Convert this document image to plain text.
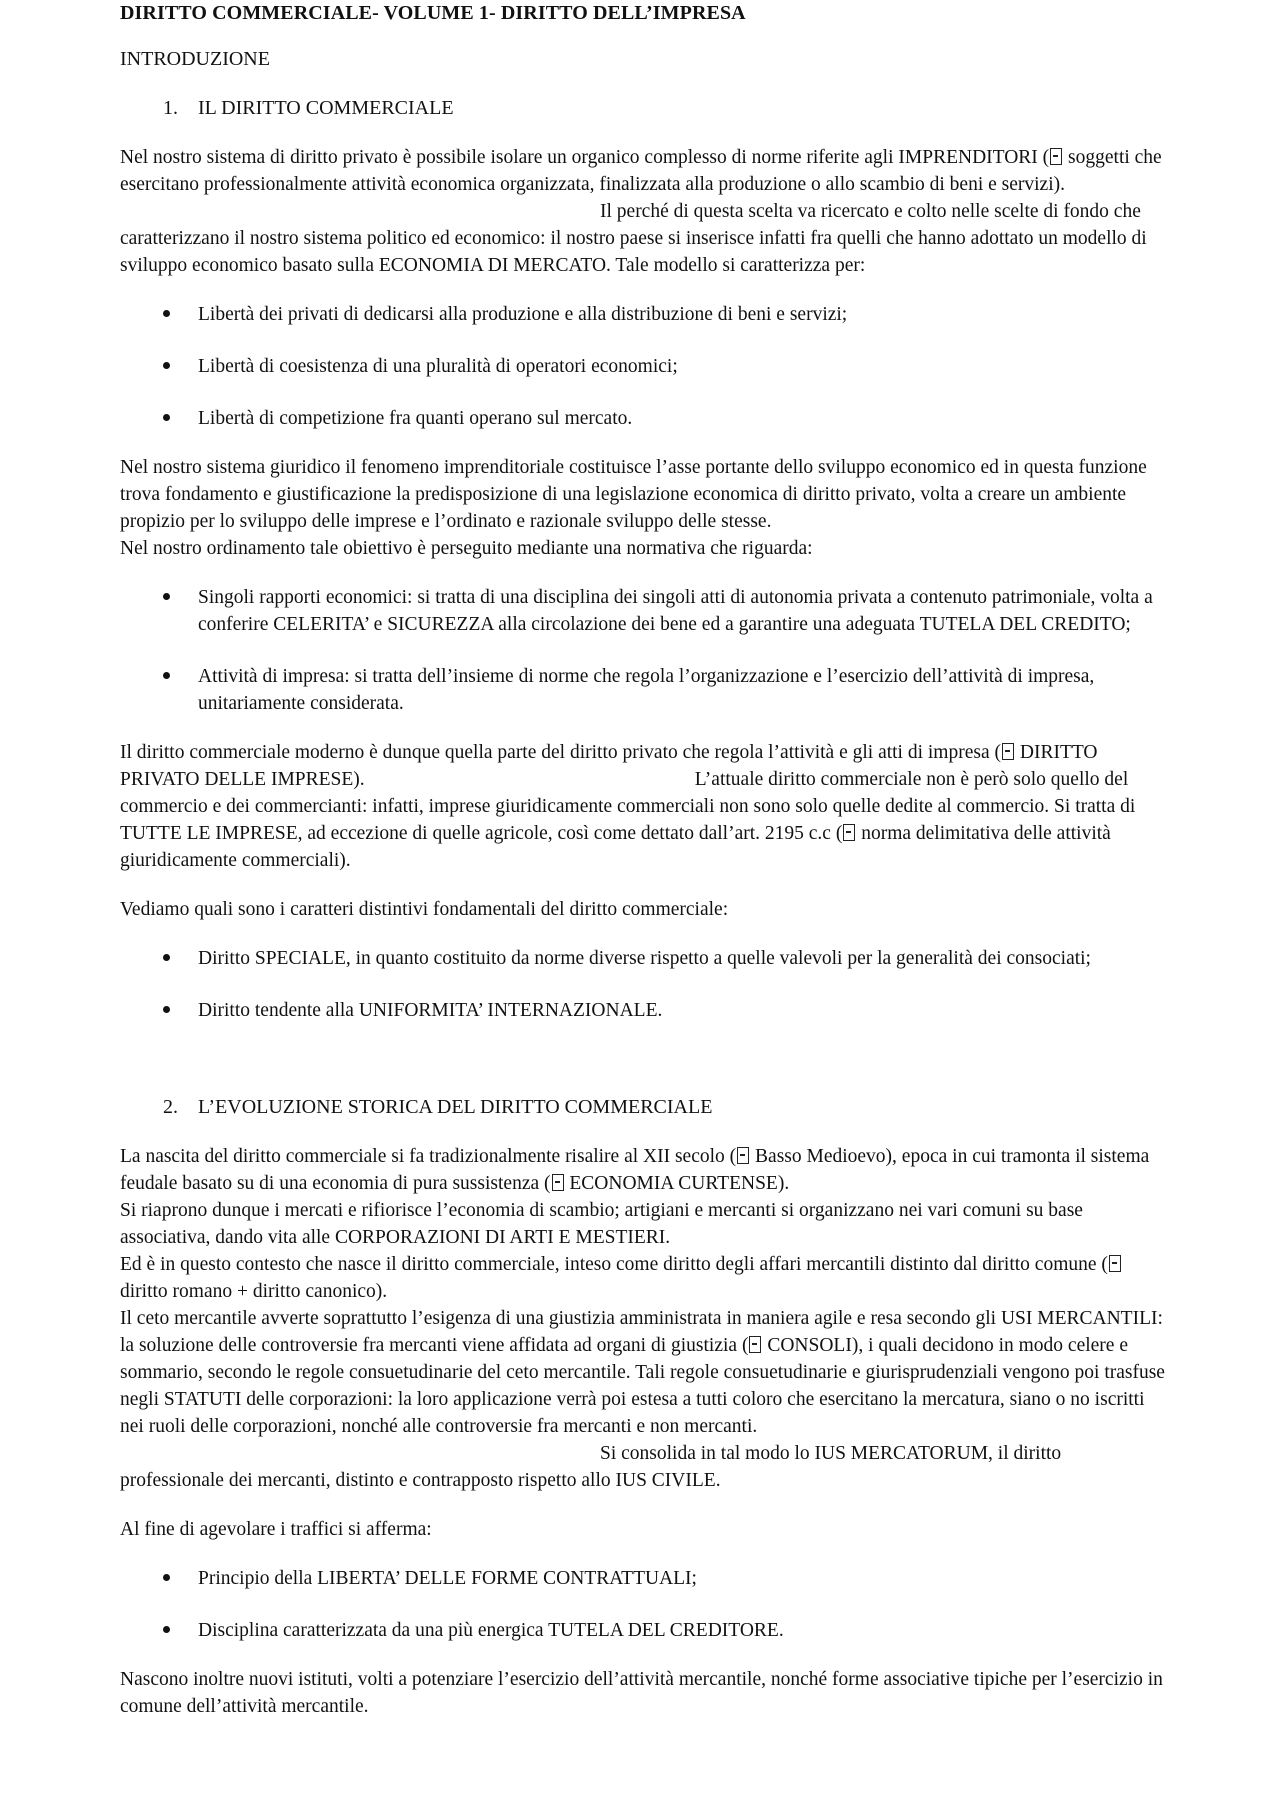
DIRITTO COMMERCIALE- VOLUME 1- DIRITTO DELL’IMPRESA
INTRODUZIONE
1.	IL DIRITTO COMMERCIALE

Nel nostro sistema di diritto privato è possibile isolare un organico complesso di norme riferite agli IMPRENDITORI ( soggetti che esercitano professionalmente attività economica organizzata, finalizzata alla produzione o allo scambio di beni e servizi).Il perché di questa scelta va ricercato e colto nelle scelte di fondo che caratterizzano il nostro sistema politico ed economico: il nostro paese si inserisce infatti fra quelli che hanno adottato un modello di sviluppo economico basato sulla ECONOMIA DI MERCATO. Tale modello si caratterizza per:

Libertà dei privati di dedicarsi alla produzione e alla distribuzione di beni e servizi;
Libertà di coesistenza di una pluralità di operatori economici;
Libertà di competizione fra quanti operano sul mercato.

Nel nostro sistema giuridico il fenomeno imprenditoriale costituisce l’asse portante dello sviluppo economico ed in questa funzione trova fondamento e giustificazione la predisposizione di una legislazione economica di diritto privato, volta a creare un ambiente propizio per lo sviluppo delle imprese e l’ordinato e razionale sviluppo delle stesse.

Nel nostro ordinamento tale obiettivo è perseguito mediante una normativa che riguarda:

Singoli rapporti economici: si tratta di una disciplina dei singoli atti di autonomia privata a contenuto patrimoniale, volta a conferire CELERITA’ e SICUREZZA alla circolazione dei bene ed a garantire una adeguata TUTELA DEL CREDITO;
Attività di impresa: si tratta dell’insieme di norme che regola l’organizzazione e l’esercizio dell’attività di impresa, unitariamente considerata.

Il diritto commerciale moderno è dunque quella parte del diritto privato che regola l’attività e gli atti di impresa ( DIRITTO PRIVATO DELLE IMPRESE).	L’attuale diritto commerciale non è però solo quello del commercio e dei commercianti: infatti, imprese giuridicamente commerciali non sono solo quelle dedite al commercio. Si tratta di TUTTE LE IMPRESE, ad eccezione di quelle agricole, così come dettato dall’art. 2195 c.c ( norma delimitativa delle attività giuridicamente commerciali).

Vediamo quali sono i caratteri distintivi fondamentali del diritto commerciale:

Diritto SPECIALE, in quanto costituito da norme diverse rispetto a quelle valevoli per la generalità dei consociati;
Diritto tendente alla UNIFORMITA’ INTERNAZIONALE.
2.	L’EVOLUZIONE STORICA DEL DIRITTO COMMERCIALE

La nascita del diritto commerciale si fa tradizionalmente risalire al XII secolo ( Basso Medioevo), epoca in cui tramonta il sistema feudale basato su di una economia di pura sussistenza ( ECONOMIA CURTENSE).

Si riaprono dunque i mercati e rifiorisce l’economia di scambio; artigiani e mercanti si organizzano nei vari comuni su base associativa, dando vita alle CORPORAZIONI DI ARTI E MESTIERI.

Ed è in questo contesto che nasce il diritto commerciale, inteso come diritto degli affari mercantili distinto dal diritto comune ( diritto romano + diritto canonico).

Il ceto mercantile avverte soprattutto l’esigenza di una giustizia amministrata in maniera agile e resa secondo gli USI MERCANTILI: la soluzione delle controversie fra mercanti viene affidata ad organi di giustizia ( CONSOLI), i quali decidono in modo celere e sommario, secondo le regole consuetudinarie del ceto mercantile. Tali regole consuetudinarie e giurisprudenziali vengono poi trasfuse negli STATUTI delle corporazioni: la loro applicazione verrà poi estesa a tutti coloro che esercitano la mercatura, siano o no iscritti nei ruoli delle corporazioni, nonché alle controversie fra mercanti e non mercanti.Si consolida in tal modo lo IUS MERCATORUM, il diritto professionale dei mercanti, distinto e contrapposto rispetto allo IUS CIVILE.

Al fine di agevolare i traffici si afferma:

Principio della LIBERTA’ DELLE FORME CONTRATTUALI;
Disciplina caratterizzata da una più energica TUTELA DEL CREDITORE.

Nascono inoltre nuovi istituti, volti a potenziare l’esercizio dell’attività mercantile, nonché forme associative tipiche per l’esercizio in comune dell’attività mercantile.
